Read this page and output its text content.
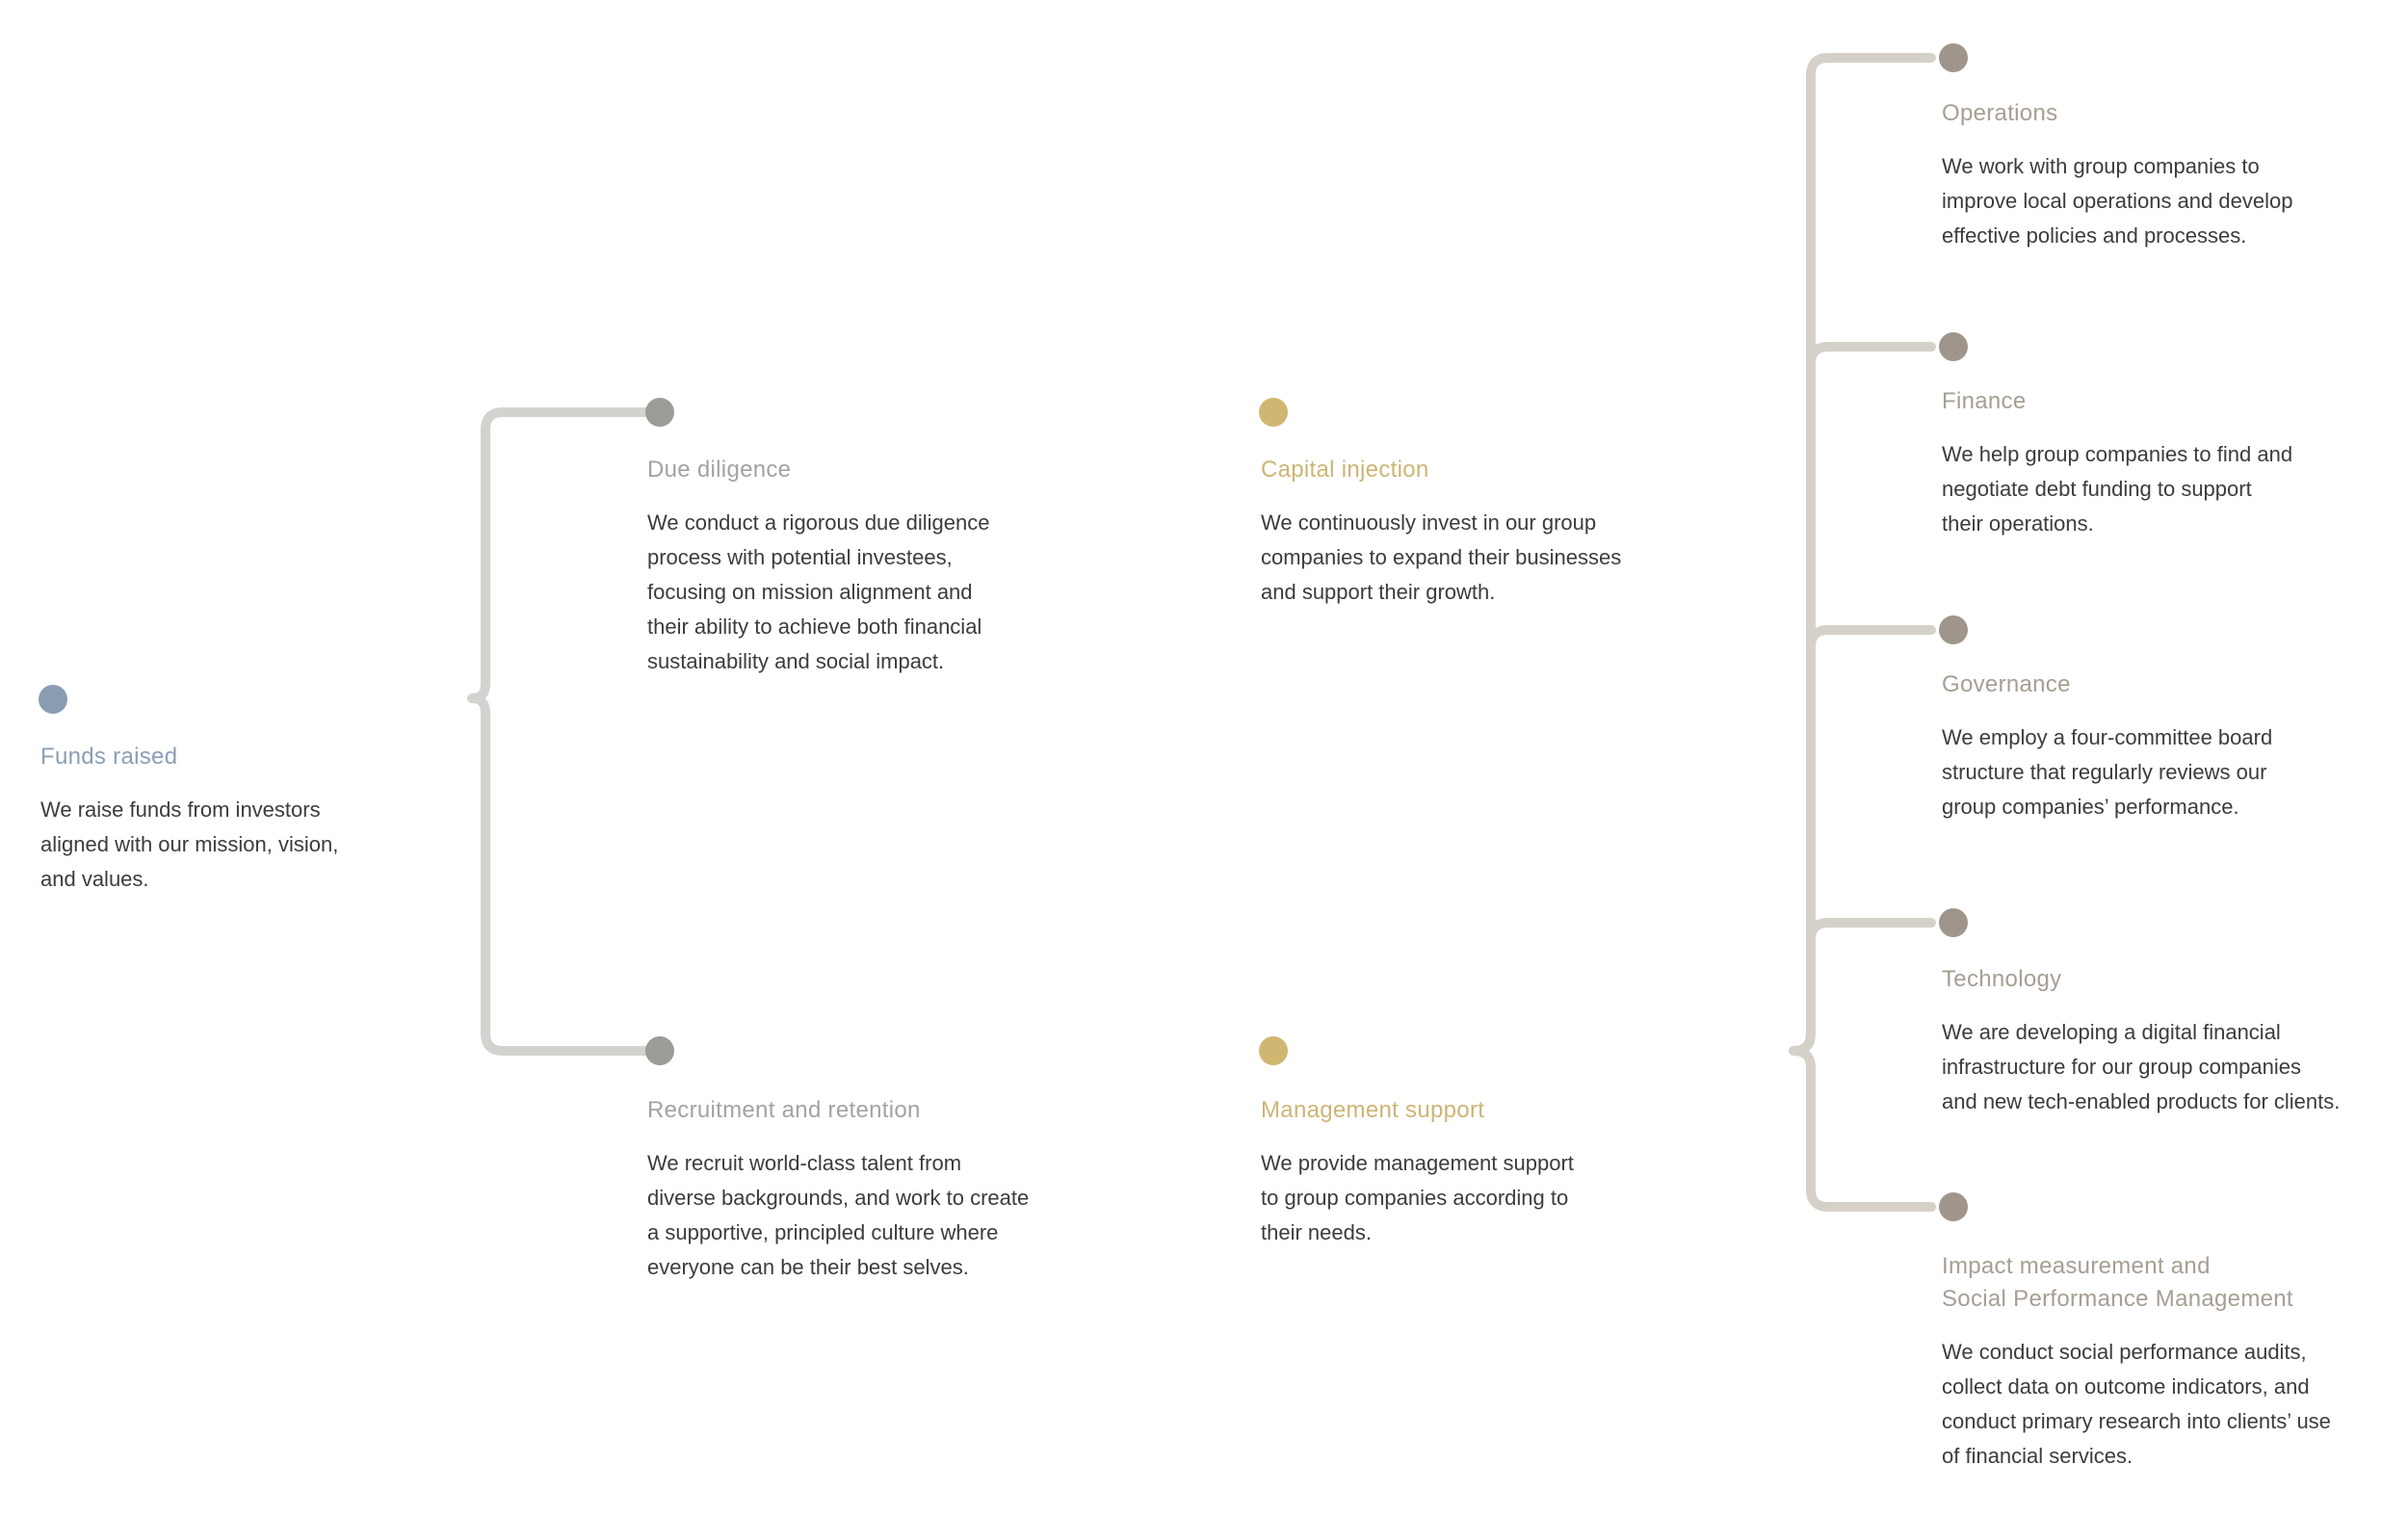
Funds raised

We raise funds from investors
aligned with our mission, vision,
and values.

Due diligence

We conduct a rigorous due diligence
process with potential investees,
focusing on mission alignment and
their ability to achieve both financial
sustainability and social impact.

Capital injection

We continuously invest in our group
companies to expand their businesses
and support their growth.

Recruitment and retention

We recruit world-class talent from
diverse backgrounds, and work to create
a supportive, principled culture where
everyone can be their best selves.

Management support

We provide management support
to group companies according to
their needs.

Operations

We work with group companies to
improve local operations and develop
effective policies and processes.

Finance

We help group companies to find and
negotiate debt funding to support
their operations.

Governance

We employ a four-committee board
structure that regularly reviews our
group companies’ performance.

Technology

We are developing a digital financial
infrastructure for our group companies
and new tech-enabled products for clients.

Impact measurement and
Social Performance Management

We conduct social performance audits,
collect data on outcome indicators, and
conduct primary research into clients’ use
of financial services.
